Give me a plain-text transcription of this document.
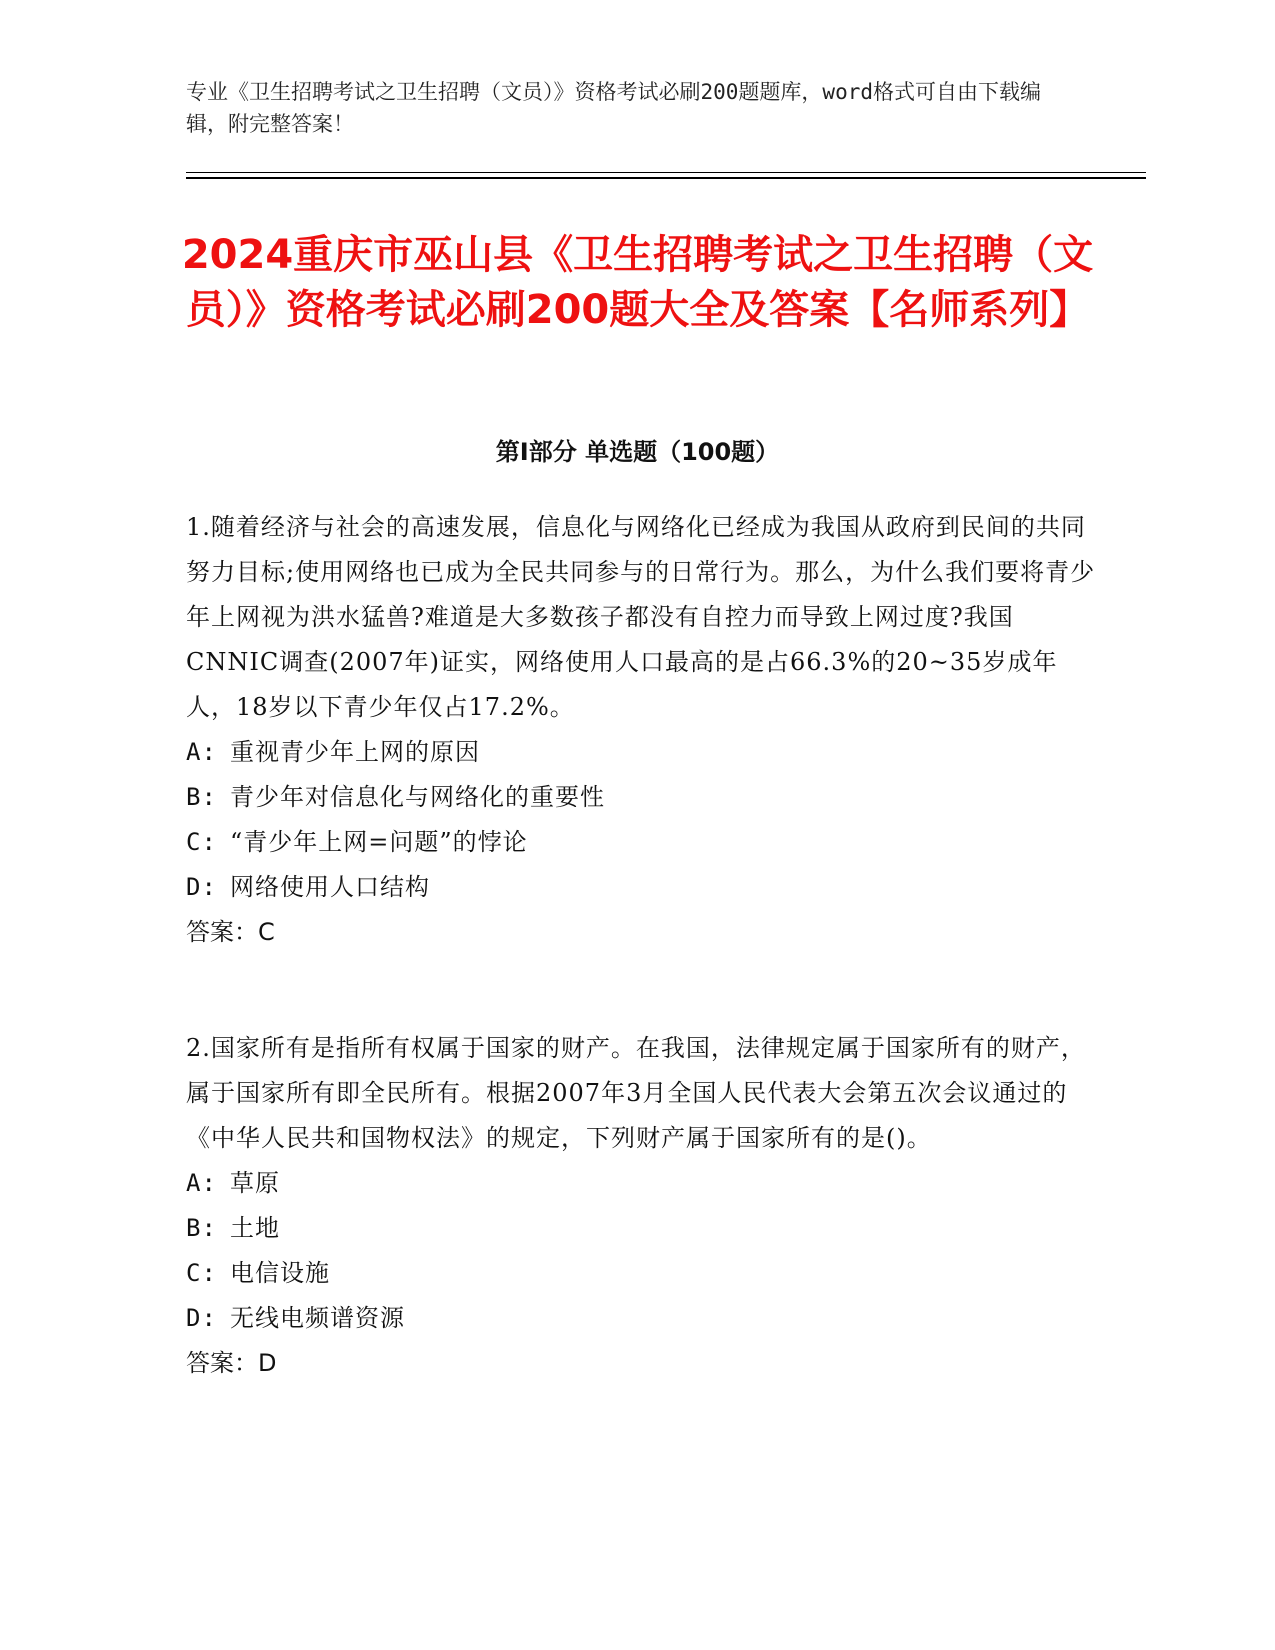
专业《卫生招聘考试之卫生招聘（文员）》资格考试必刷200题题库，word格式可自由下载编辑，附完整答案！
2024重庆市巫山县《卫生招聘考试之卫生招聘（文员）》资格考试必刷200题大全及答案【名师系列】
第I部分 单选题（100题）

1.随着经济与社会的高速发展，信息化与网络化已经成为我国从政府到民间的共同努力目标;使用网络也已成为全民共同参与的日常行为。那么，为什么我们要将青少年上网视为洪水猛兽?难道是大多数孩子都没有自控力而导致上网过度?我国CNNIC调查(2007年)证实，网络使用人口最高的是占66.3%的20~35岁成年人，18岁以下青少年仅占17.2%。

A: 重视青少年上网的原因

B: 青少年对信息化与网络化的重要性

C: “青少年上网=问题”的悖论

D: 网络使用人口结构

答案：C

2.国家所有是指所有权属于国家的财产。在我国，法律规定属于国家所有的财产，属于国家所有即全民所有。根据2007年3月全国人民代表大会第五次会议通过的《中华人民共和国物权法》的规定，下列财产属于国家所有的是()。

A: 草原

B: 土地

C: 电信设施

D: 无线电频谱资源

答案：D
